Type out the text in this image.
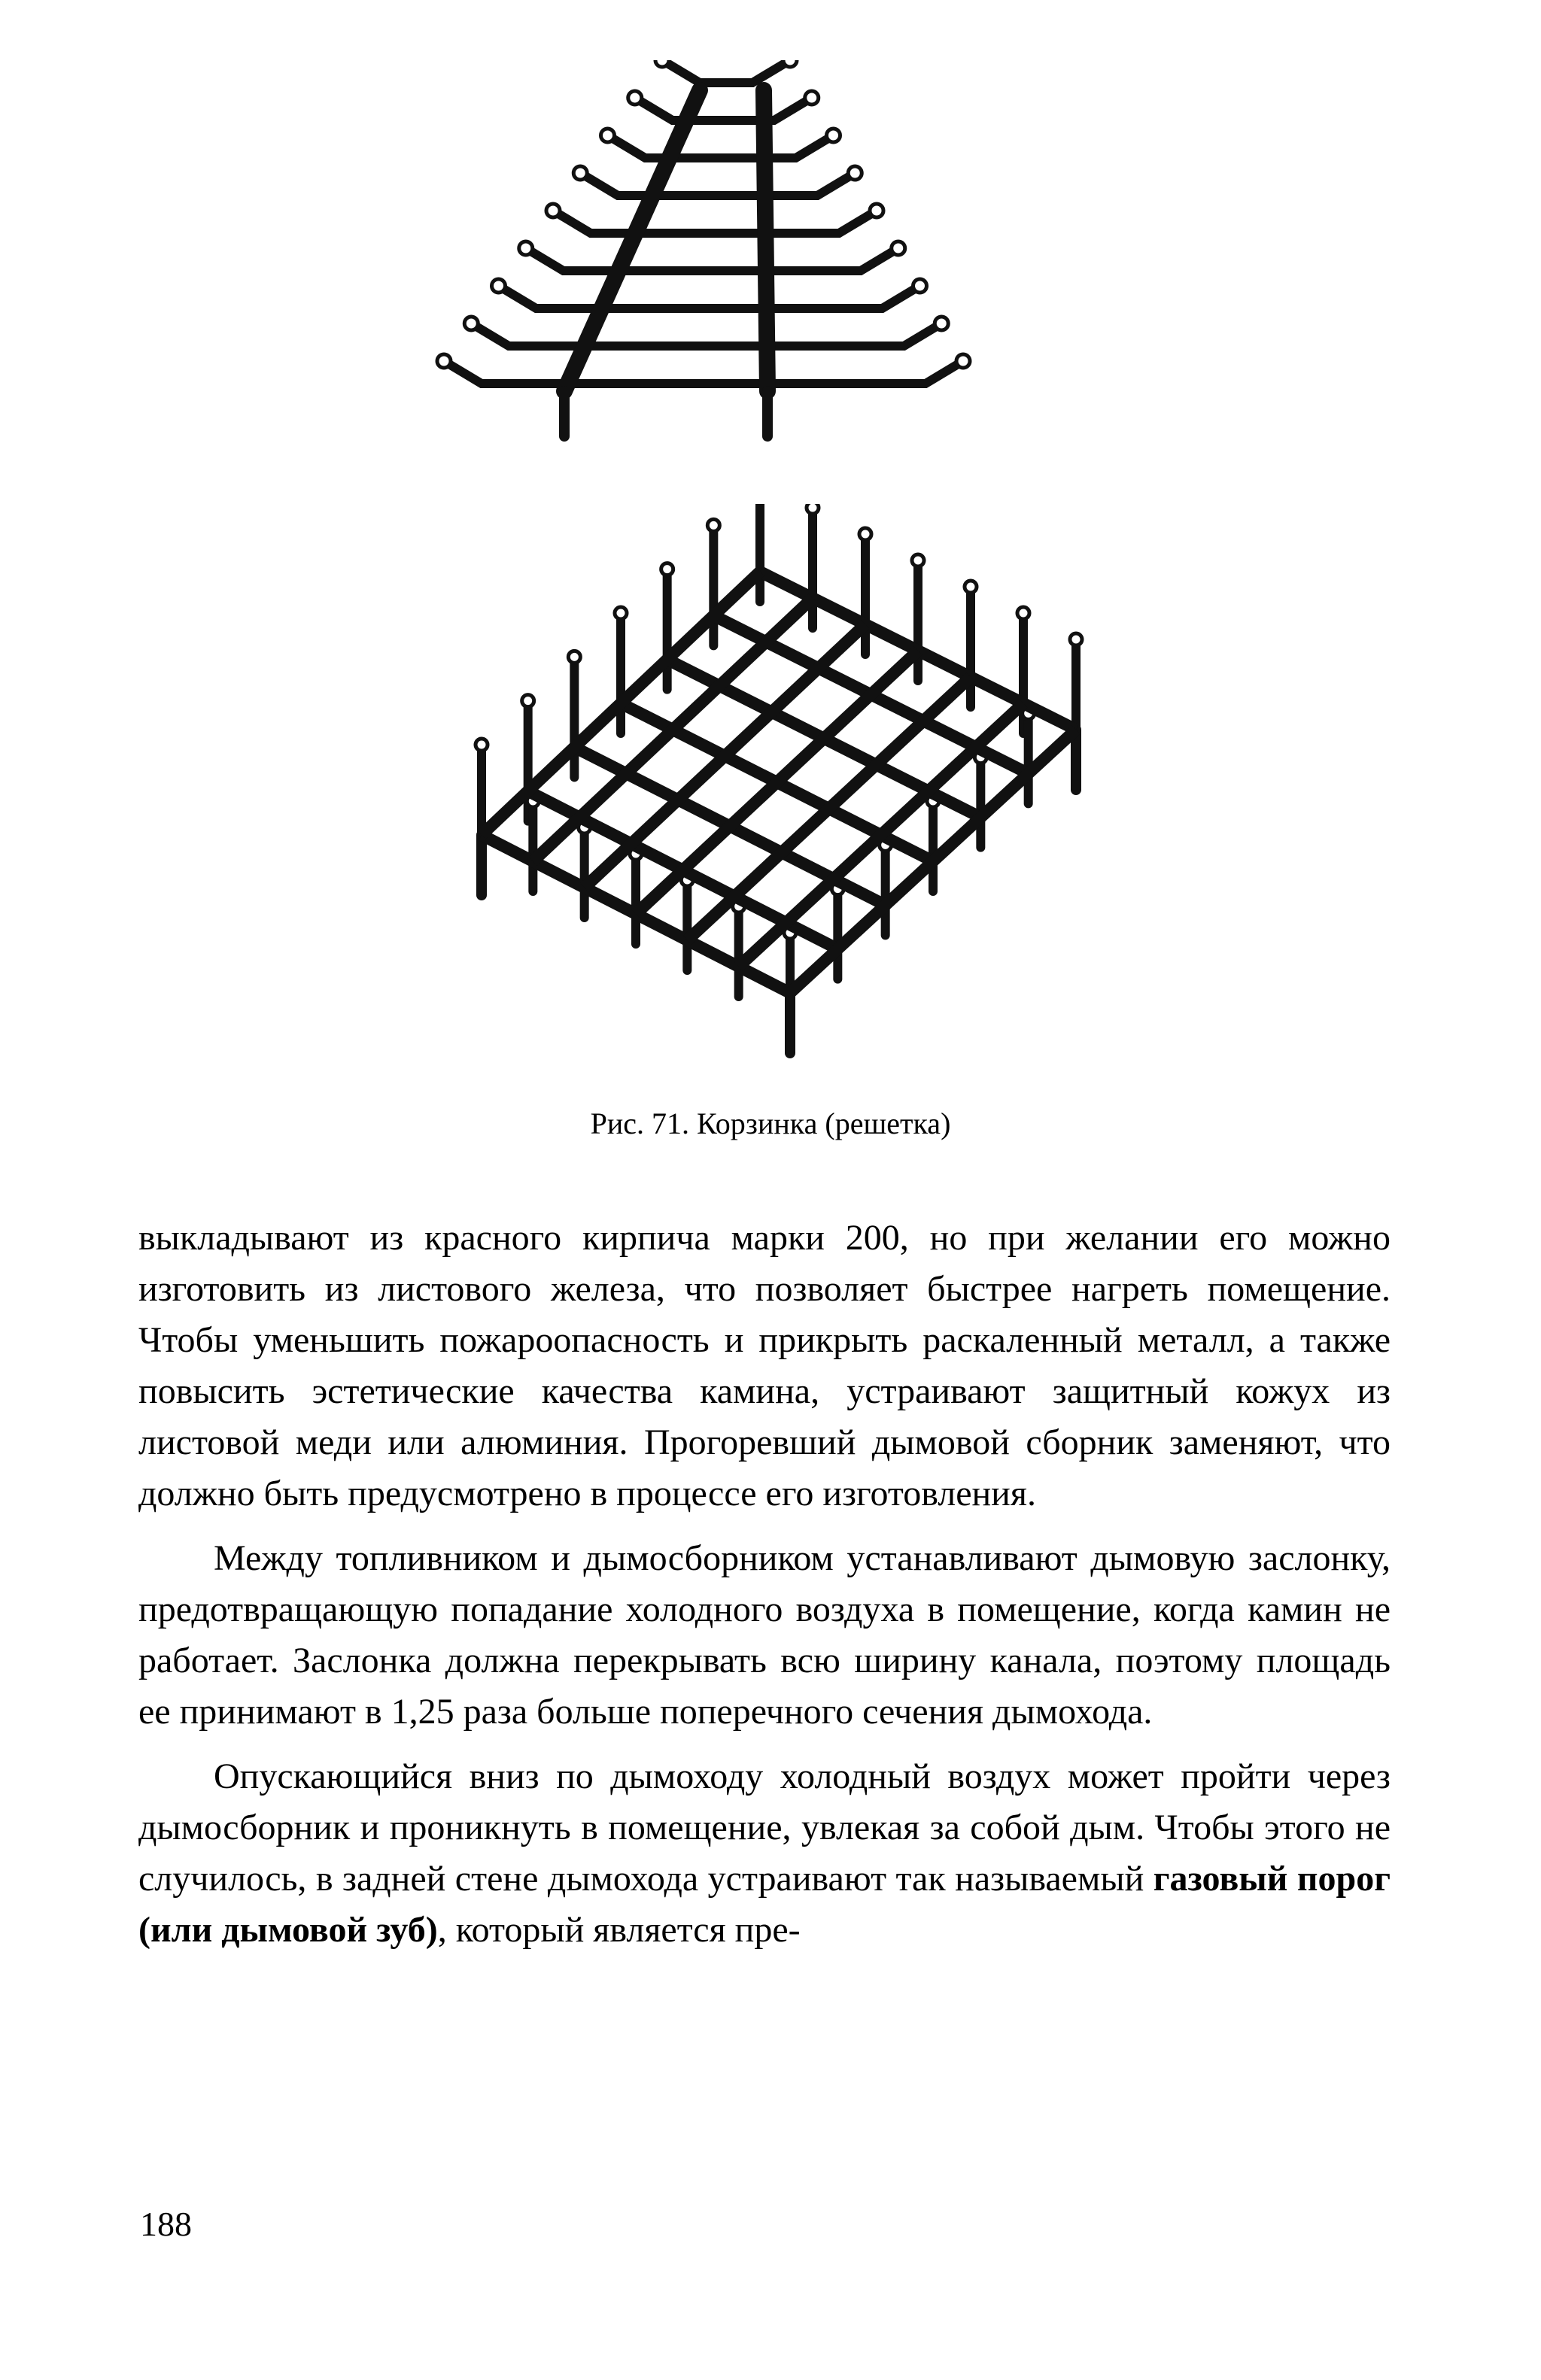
Рис. 71. Корзинка (решетка)

выкладывают из красного кирпича марки 200, но при желании его можно изготовить из листового железа, что позволяет быстрее нагреть помещение. Чтобы уменьшить пожароопасность и прикрыть раскаленный металл, а также повысить эстетические качества камина, устраивают защитный кожух из листовой меди или алюминия. Прогоревший дымовой сборник заменяют, что должно быть предусмотрено в процессе его изготовления.

Между топливником и дымосборником устанавливают дымовую заслонку, предотвращающую попадание холодного воздуха в помещение, когда камин не работает. Заслонка должна перекрывать всю ширину канала, поэтому площадь ее принимают в 1,25 раза больше поперечного сечения дымохода.

Опускающийся вниз по дымоходу холодный воздух может пройти через дымосборник и проникнуть в помещение, увлекая за собой дым. Чтобы этого не случилось, в задней стене дымохода устраивают так называемый газовый порог (или дымовой зуб), который является пре-

188
